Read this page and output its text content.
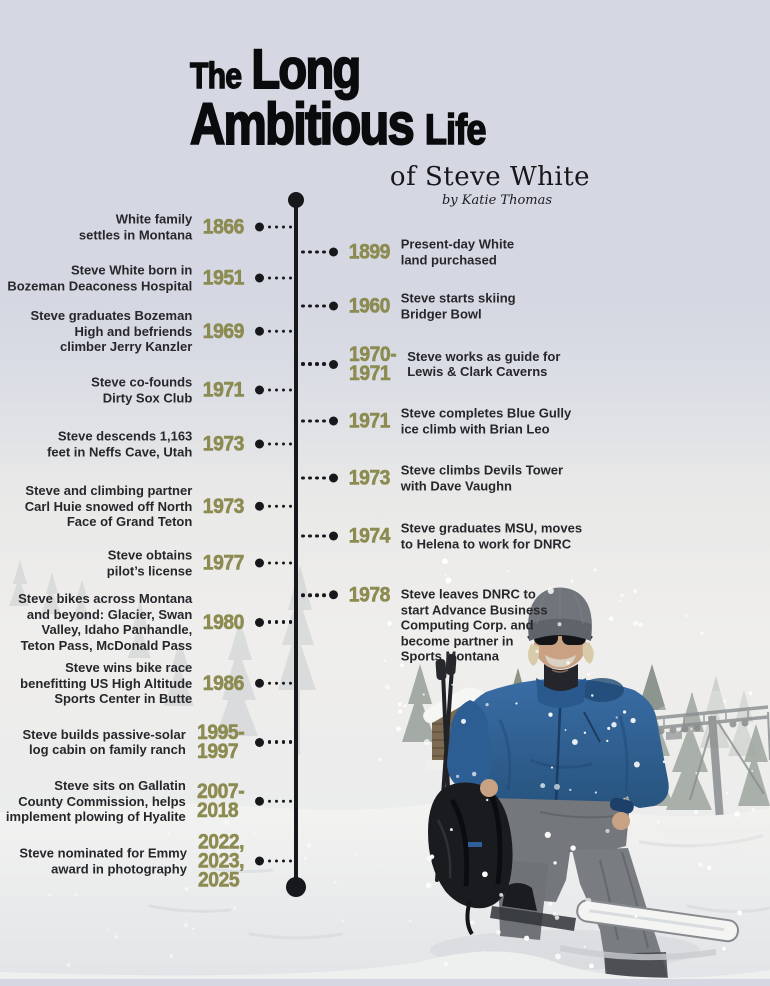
The Long
Ambitious Life
of Steve White
by Katie Thomas
White family
settles in Montana 1866
1899 Present-day White
land purchased
Steve White born in
Bozeman Deaconess Hospital 1951
1960 Steve starts skiing
Bridger Bowl
Steve graduates Bozeman
High and befriends
climber Jerry Kanzler
1969
1970-
1971
Steve works as guide for
Lewis & Clark Caverns
Steve co-founds
Dirty Sox Club 1971
1971 Steve completes Blue Gully
ice climb with Brian Leo
Steve descends 1,163
feet in Neffs Cave, Utah 1973
1973 Steve climbs Devils Tower
with Dave Vaughn
Steve and climbing partner
Carl Huie snowed off North
Face of Grand Teton
1973
1974 Steve graduates MSU, moves
to Helena to work for DNRC
Steve obtains
pilot’s license 1977
1978 Steve leaves DNRC to
start Advance Business
Computing Corp. and
become partner in
Sports Montana
Steve bikes across Montana
and beyond: Glacier, Swan
Valley, Idaho Panhandle,
Teton Pass, McDonald Pass
1980
Steve wins bike race
benefitting US High Altitude
Sports Center in Butte
1986
Steve builds passive-solar
log cabin on family ranch
1995-
1997
Steve sits on Gallatin
County Commission, helps
implement plowing of Hyalite
2007-
2018
Steve nominated for Emmy
award in photography
2022,
2023,
2025
